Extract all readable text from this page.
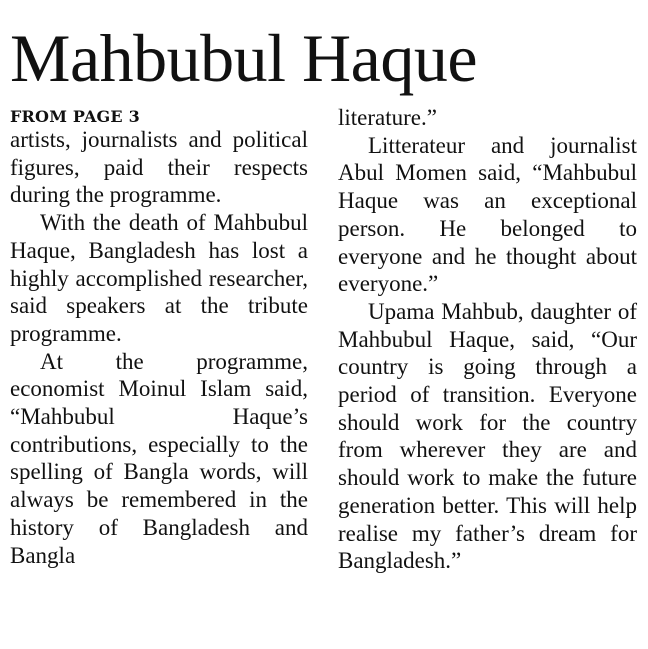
Mahbubul Haque
FROM PAGE 3

artists, journalists and political figures, paid their respects during the programme.

With the death of Mahbubul Haque, Bangladesh has lost a highly accomplished researcher, said speakers at the tribute programme.

At the programme, economist Moinul Islam said, “Mahbubul Haque’s contributions, especially to the spelling of Bangla words, will always be remembered in the history of Bangladesh and Bangla

literature.”

Litterateur and journalist Abul Momen said, “Mahbubul Haque was an exceptional person. He belonged to everyone and he thought about everyone.”

Upama Mahbub, daughter of Mahbubul Haque, said, “Our country is going through a period of transition. Everyone should work for the country from wherever they are and should work to make the future generation better. This will help realise my father’s dream for Bangladesh.”
